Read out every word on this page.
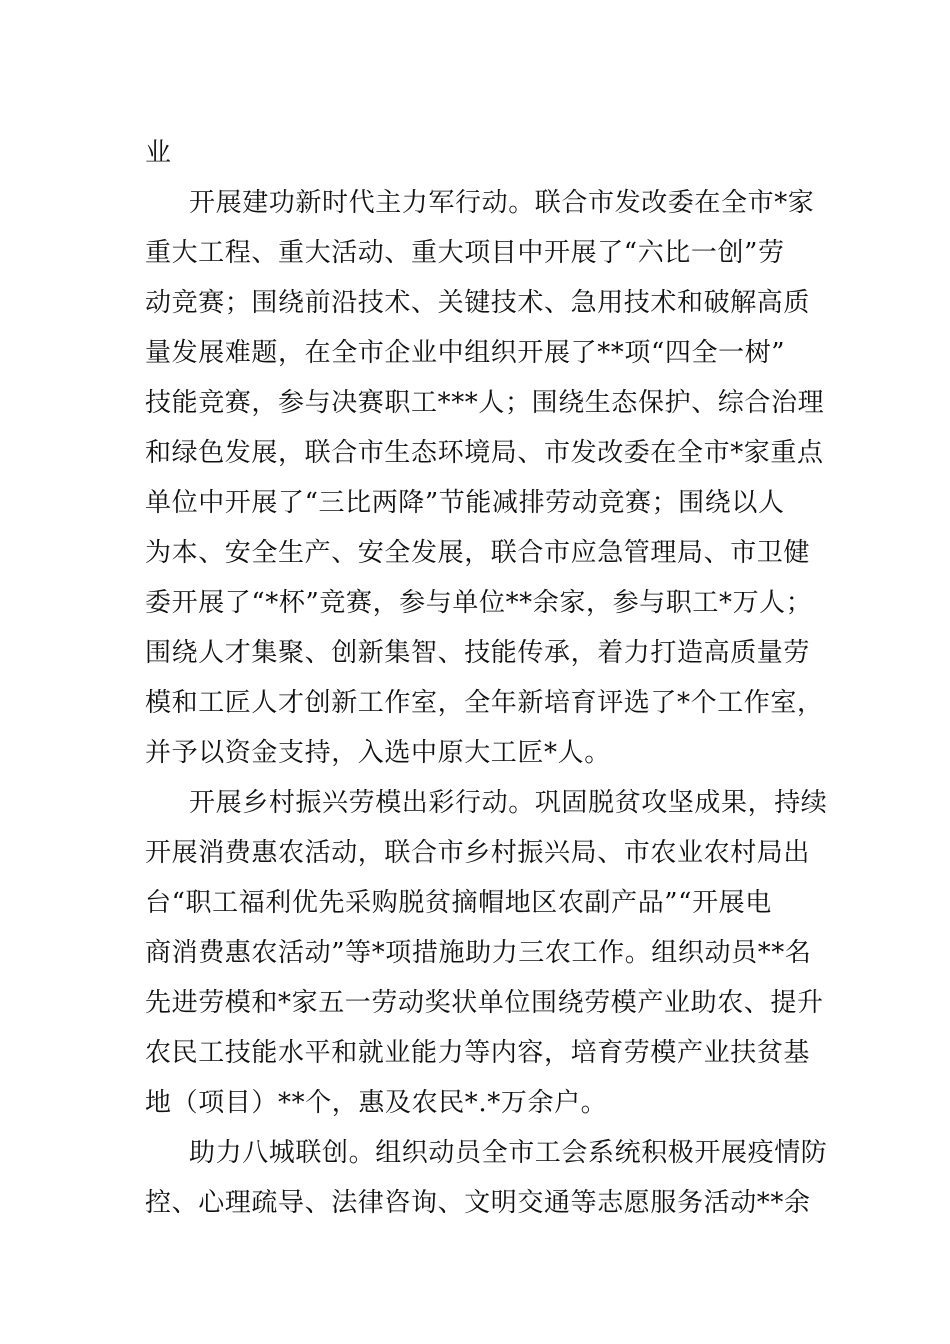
业
开展建功新时代主力军行动。联合市发改委在全市*家
重大工程、重大活动、重大项目中开展了“六比一创”劳
动竞赛；围绕前沿技术、关键技术、急用技术和破解高质
量发展难题，在全市企业中组织开展了**项“四全一树”
技能竞赛，参与决赛职工***人；围绕生态保护、综合治理
和绿色发展，联合市生态环境局、市发改委在全市*家重点
单位中开展了“三比两降”节能减排劳动竞赛；围绕以人
为本、安全生产、安全发展，联合市应急管理局、市卫健
委开展了“*杯”竞赛，参与单位**余家，参与职工*万人；
围绕人才集聚、创新集智、技能传承，着力打造高质量劳
模和工匠人才创新工作室，全年新培育评选了*个工作室，
并予以资金支持，入选中原大工匠*人。
开展乡村振兴劳模出彩行动。巩固脱贫攻坚成果，持续
开展消费惠农活动，联合市乡村振兴局、市农业农村局出
台“职工福利优先采购脱贫摘帽地区农副产品”“开展电
商消费惠农活动”等*项措施助力三农工作。组织动员**名
先进劳模和*家五一劳动奖状单位围绕劳模产业助农、提升
农民工技能水平和就业能力等内容，培育劳模产业扶贫基
地（项目）**个，惠及农民*.*万余户。
助力八城联创。组织动员全市工会系统积极开展疫情防
控、心理疏导、法律咨询、文明交通等志愿服务活动**余
